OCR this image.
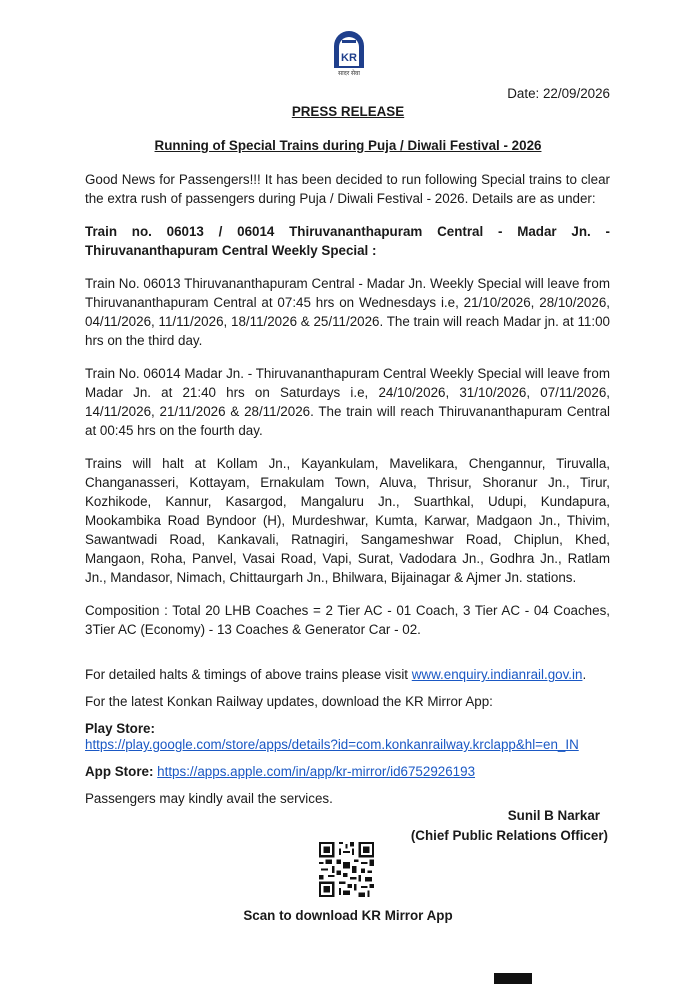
KR
सादर सेवा
Date: 22/09/2026
PRESS RELEASE
Running of Special Trains during Puja / Diwali Festival - 2026

Good News for Passengers!!! It has been decided to run following Special trains to clear the extra rush of passengers during Puja / Diwali Festival - 2026. Details are as under:

Train no. 06013 / 06014 Thiruvananthapuram Central - Madar Jn. - Thiruvananthapuram Central Weekly Special :

Train No. 06013 Thiruvananthapuram Central - Madar Jn. Weekly Special will leave from Thiruvananthapuram Central at 07:45 hrs on Wednesdays i.e, 21/10/2026, 28/10/2026, 04/11/2026, 11/11/2026, 18/11/2026 & 25/11/2026. The train will reach Madar jn. at 11:00 hrs on the third day.

Train No. 06014 Madar Jn. - Thiruvananthapuram Central Weekly Special will leave from Madar Jn. at 21:40 hrs on Saturdays i.e, 24/10/2026, 31/10/2026, 07/11/2026, 14/11/2026, 21/11/2026 & 28/11/2026. The train will reach Thiruvananthapuram Central at 00:45 hrs on the fourth day.

Trains will halt at Kollam Jn., Kayankulam, Mavelikara, Chengannur, Tiruvalla, Changanasseri, Kottayam, Ernakulam Town, Aluva, Thrisur, Shoranur Jn., Tirur, Kozhikode, Kannur, Kasargod, Mangaluru Jn., Suarthkal, Udupi, Kundapura, Mookambika Road Byndoor (H), Murdeshwar, Kumta, Karwar, Madgaon Jn., Thivim, Sawantwadi Road, Kankavali, Ratnagiri, Sangameshwar Road, Chiplun, Khed, Mangaon, Roha, Panvel, Vasai Road, Vapi, Surat, Vadodara Jn., Godhra Jn., Ratlam Jn., Mandasor, Nimach, Chittaurgarh Jn., Bhilwara, Bijainagar & Ajmer Jn. stations.

Composition : Total 20 LHB Coaches = 2 Tier AC - 01 Coach, 3 Tier AC - 04 Coaches, 3Tier AC (Economy) - 13 Coaches & Generator Car - 02.

For detailed halts & timings of above trains please visit www.enquiry.indianrail.gov.in.

For the latest Konkan Railway updates, download the KR Mirror App:

Play Store:
https://play.google.com/store/apps/details?id=com.konkanrailway.krclapp&hl=en_IN

App Store: https://apps.apple.com/in/app/kr-mirror/id6752926193

Passengers may kindly avail the services.

Sunil B Narkar
(Chief Public Relations Officer)
Scan to download KR Mirror App
